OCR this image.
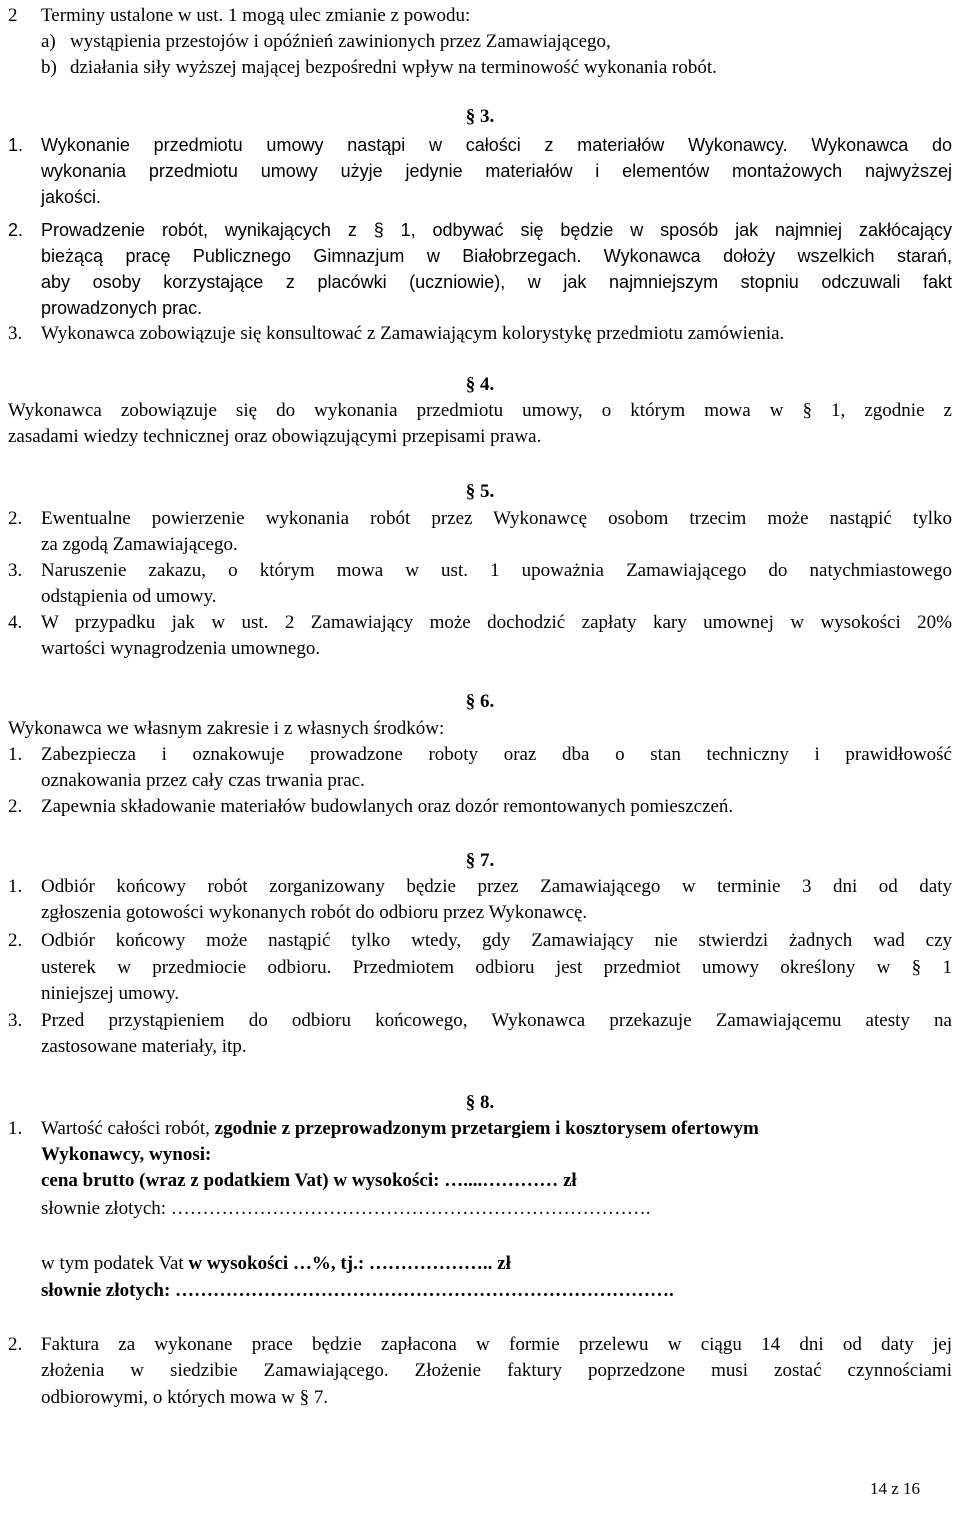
2 Terminy ustalone w ust. 1 mogą ulec zmianie z powodu:
a) wystąpienia przestojów i opóźnień zawinionych przez Zamawiającego,
b) działania siły wyższej mającej bezpośredni wpływ na terminowość wykonania robót.
§ 3.
1. Wykonanie przedmiotu umowy nastąpi w całości z materiałów Wykonawcy. Wykonawca do
wykonania przedmiotu umowy użyje jedynie materiałów i elementów montażowych najwyższej
jakości.
2. Prowadzenie robót, wynikających z § 1, odbywać się będzie w sposób jak najmniej zakłócający
bieżącą pracę Publicznego Gimnazjum w Białobrzegach. Wykonawca dołoży wszelkich starań,
aby osoby korzystające z placówki (uczniowie), w jak najmniejszym stopniu odczuwali fakt
prowadzonych prac.
3. Wykonawca zobowiązuje się konsultować z Zamawiającym kolorystykę przedmiotu zamówienia.
§ 4.
Wykonawca zobowiązuje się do wykonania przedmiotu umowy, o którym mowa w § 1, zgodnie z
zasadami wiedzy technicznej oraz obowiązującymi przepisami prawa.
§ 5.
2. Ewentualne powierzenie wykonania robót przez Wykonawcę osobom trzecim może nastąpić tylko
za zgodą Zamawiającego.
3. Naruszenie zakazu, o którym mowa w ust. 1 upoważnia Zamawiającego do natychmiastowego
odstąpienia od umowy.
4. W przypadku jak w ust. 2 Zamawiający może dochodzić zapłaty kary umownej w wysokości 20%
wartości wynagrodzenia umownego.
§ 6.
Wykonawca we własnym zakresie i z własnych środków:
1. Zabezpiecza i oznakowuje prowadzone roboty oraz dba o stan techniczny i prawidłowość
oznakowania przez cały czas trwania prac.
2. Zapewnia składowanie materiałów budowlanych oraz dozór remontowanych pomieszczeń.
§ 7.
1. Odbiór końcowy robót zorganizowany będzie przez Zamawiającego w terminie 3 dni od daty
zgłoszenia gotowości wykonanych robót do odbioru przez Wykonawcę.
2. Odbiór końcowy może nastąpić tylko wtedy, gdy Zamawiający nie stwierdzi żadnych wad czy
usterek w przedmiocie odbioru. Przedmiotem odbioru jest przedmiot umowy określony w § 1
niniejszej umowy.
3. Przed przystąpieniem do odbioru końcowego, Wykonawca przekazuje Zamawiającemu atesty na
zastosowane materiały, itp.
§ 8.
1. Wartość całości robót, zgodnie z przeprowadzonym przetargiem i kosztorysem ofertowym
Wykonawcy, wynosi:
cena brutto (wraz z podatkiem Vat) w wysokości: …....………… zł
słownie złotych: ………………………………………………………………….
w tym podatek Vat w wysokości …%, tj.: ……………….. zł
słownie złotych: …………………………………………………………………….
2. Faktura za wykonane prace będzie zapłacona w formie przelewu w ciągu 14 dni od daty jej
złożenia w siedzibie Zamawiającego. Złożenie faktury poprzedzone musi zostać czynnościami
odbiorowymi, o których mowa w § 7.
14 z 16
